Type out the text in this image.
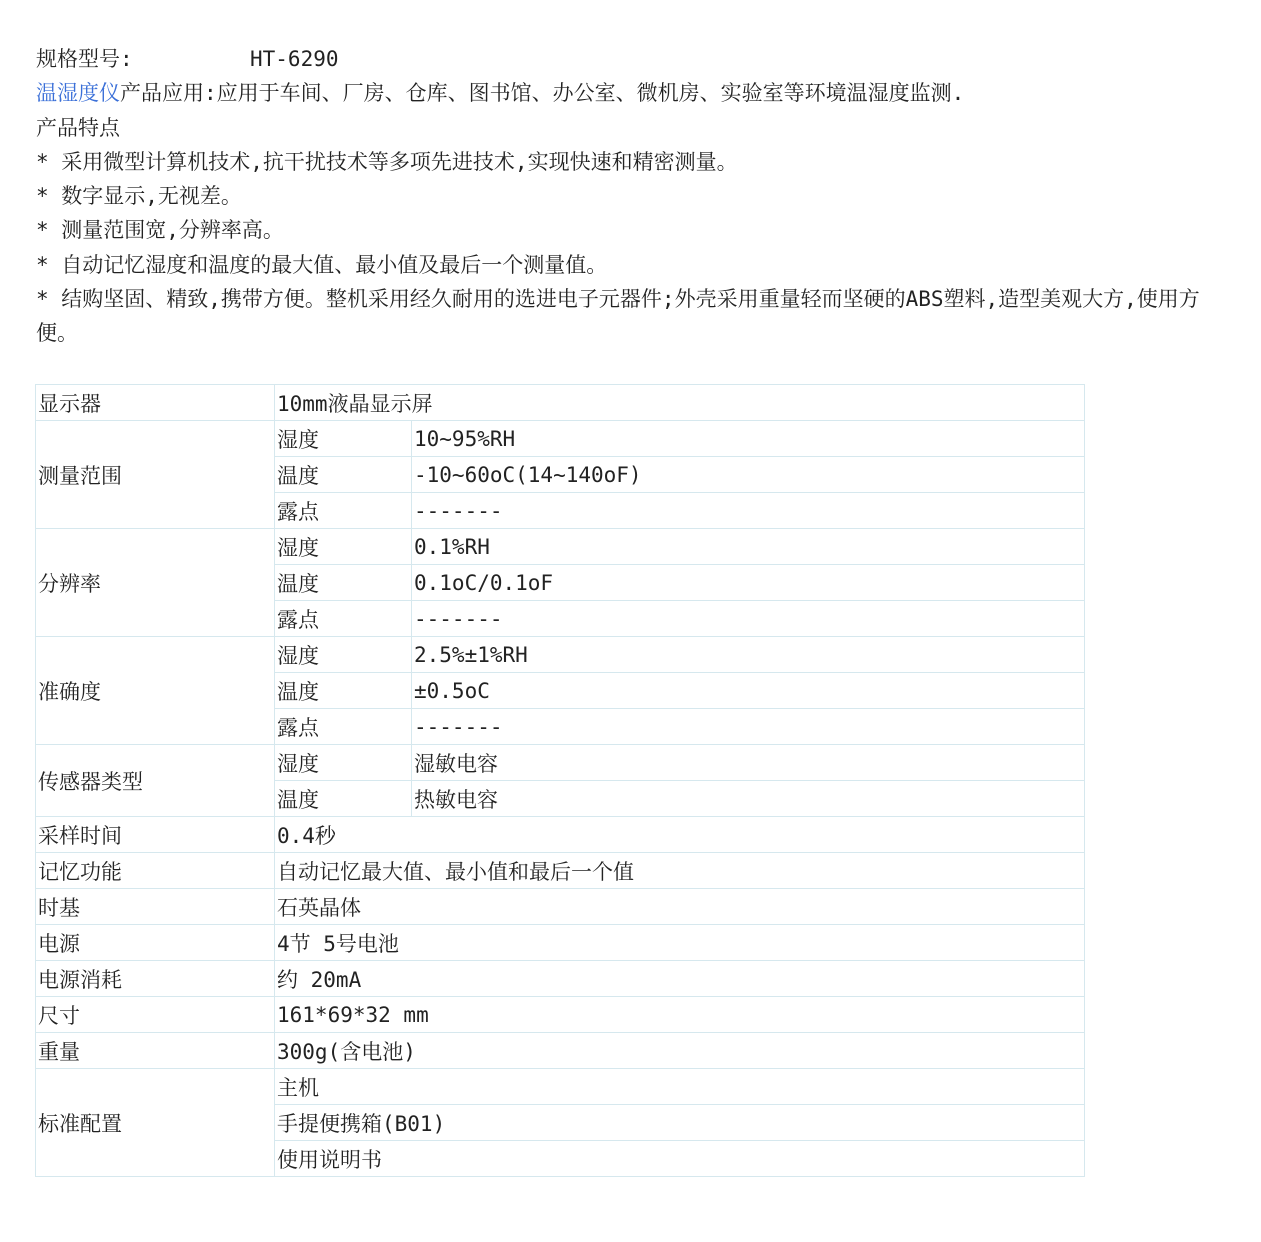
规格型号:	HT-6290
温湿度仪产品应用:应用于车间、厂房、仓库、图书馆、办公室、微机房、实验室等环境温湿度监测.
产品特点
* 采用微型计算机技术,抗干扰技术等多项先进技术,实现快速和精密测量。
* 数字显示,无视差。
* 测量范围宽,分辨率高。
* 自动记忆湿度和温度的最大值、最小值及最后一个测量值。
* 结购坚固、精致,携带方便。整机采用经久耐用的选进电子元器件;外壳采用重量轻而坚硬的ABS塑料,造型美观大方,使用方便。
显示器	10mm液晶显示屏	
测量范围	湿度	10~95%RH
	温度	-10~60oC(14~140oF)
	露点	-------
分辨率	湿度	0.1%RH
	温度	0.1oC/0.1oF
	露点	-------
准确度	湿度	2.5%±1%RH
	温度	±0.5oC
	露点	-------
传感器类型	湿度	湿敏电容
	温度	热敏电容
采样时间	0.4秒	
记忆功能	自动记忆最大值、最小值和最后一个值	
时基	石英晶体	
电源	4节 5号电池	
电源消耗	约 20mA	
尺寸	161*69*32 mm	
重量	300g(含电池)	
标准配置	主机	
	手提便携箱(B01)	
	使用说明书	
